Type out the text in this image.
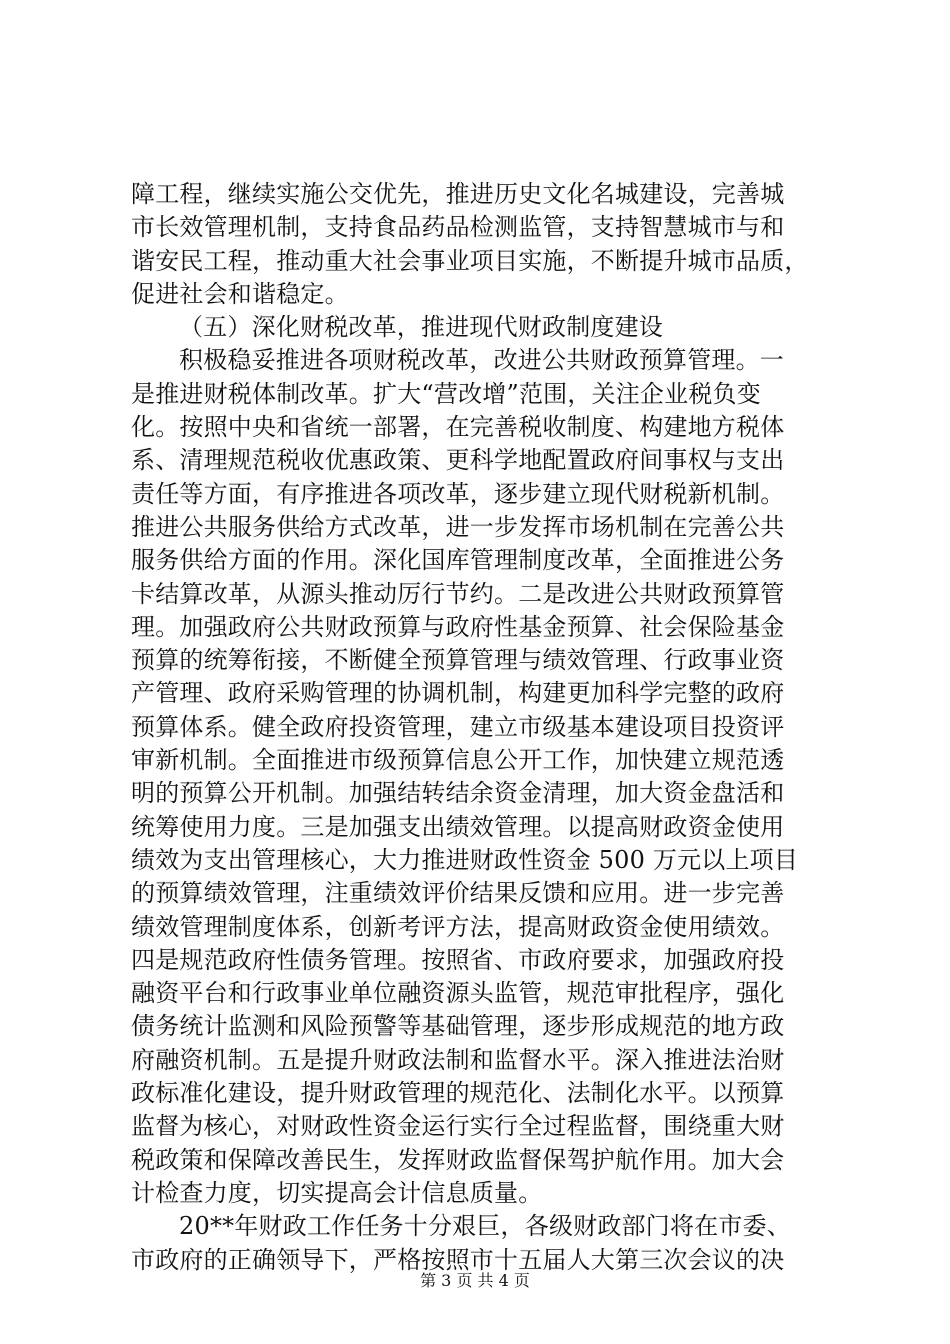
障工程，继续实施公交优先，推进历史文化名城建设，完善城
市长效管理机制，支持食品药品检测监管，支持智慧城市与和
谐安民工程，推动重大社会事业项目实施，不断提升城市品质，
促进社会和谐稳定。
（五）深化财税改革，推进现代财政制度建设
积极稳妥推进各项财税改革，改进公共财政预算管理。一
是推进财税体制改革。扩大“营改增”范围，关注企业税负变
化。按照中央和省统一部署，在完善税收制度、构建地方税体
系、清理规范税收优惠政策、更科学地配置政府间事权与支出
责任等方面，有序推进各项改革，逐步建立现代财税新机制。
推进公共服务供给方式改革，进一步发挥市场机制在完善公共
服务供给方面的作用。深化国库管理制度改革，全面推进公务
卡结算改革，从源头推动厉行节约。二是改进公共财政预算管
理。加强政府公共财政预算与政府性基金预算、社会保险基金
预算的统筹衔接，不断健全预算管理与绩效管理、行政事业资
产管理、政府采购管理的协调机制，构建更加科学完整的政府
预算体系。健全政府投资管理，建立市级基本建设项目投资评
审新机制。全面推进市级预算信息公开工作，加快建立规范透
明的预算公开机制。加强结转结余资金清理，加大资金盘活和
统筹使用力度。三是加强支出绩效管理。以提高财政资金使用
绩效为支出管理核心，大力推进财政性资金 500 万元以上项目
的预算绩效管理，注重绩效评价结果反馈和应用。进一步完善
绩效管理制度体系，创新考评方法，提高财政资金使用绩效。
四是规范政府性债务管理。按照省、市政府要求，加强政府投
融资平台和行政事业单位融资源头监管，规范审批程序，强化
债务统计监测和风险预警等基础管理，逐步形成规范的地方政
府融资机制。五是提升财政法制和监督水平。深入推进法治财
政标准化建设，提升财政管理的规范化、法制化水平。以预算
监督为核心，对财政性资金运行实行全过程监督，围绕重大财
税政策和保障改善民生，发挥财政监督保驾护航作用。加大会
计检查力度，切实提高会计信息质量。
20**年财政工作任务十分艰巨，各级财政部门将在市委、
市政府的正确领导下，严格按照市十五届人大第三次会议的决
第 3 页 共 4 页
